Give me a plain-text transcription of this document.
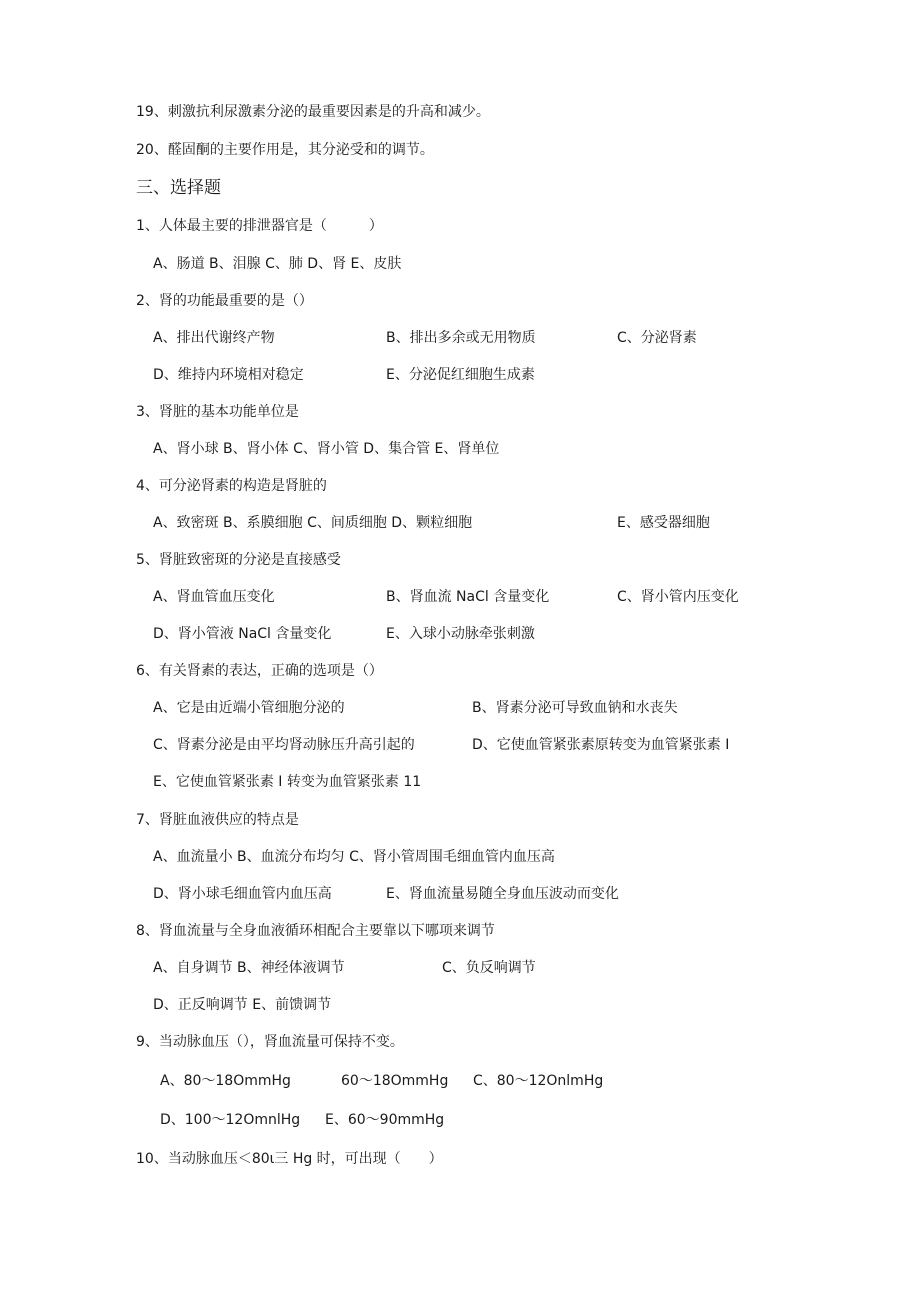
19、刺激抗利尿激素分泌的最重要因素是的升高和减少。
20、醛固酮的主要作用是，其分泌受和的调节。
三、选择题
1、人体最主要的排泄器官是（　　　）
A、肠道 B、泪腺 C、肺 D、肾 E、皮肤
2、肾的功能最重要的是（）
A、排出代谢终产物	B、排出多余或无用物质	C、分泌肾素
D、维持内环境相对稳定	E、分泌促红细胞生成素
3、肾脏的基本功能单位是
A、肾小球 B、肾小体 C、肾小管 D、集合管 E、肾单位
4、可分泌肾素的构造是肾脏的
A、致密斑 B、系膜细胞 C、间质细胞 D、颗粒细胞	E、感受器细胞
5、肾脏致密斑的分泌是直接感受
A、肾血管血压变化	B、肾血流 NaCl 含量变化	C、肾小管内压变化
D、肾小管液 NaCl 含量变化	E、入球小动脉牵张刺激
6、有关肾素的表达，正确的选项是（）
A、它是由近端小管细胞分泌的	B、肾素分泌可导致血钠和水丧失
C、肾素分泌是由平均肾动脉压升高引起的	D、它使血管紧张素原转变为血管紧张素 I
E、它使血管紧张素 I 转变为血管紧张素 11
7、肾脏血液供应的特点是
A、血流量小 B、血流分布均匀 C、肾小管周围毛细血管内血压高
D、肾小球毛细血管内血压高	E、肾血流量易随全身血压波动而变化
8、肾血流量与全身血液循环相配合主要靠以下哪项来调节
A、自身调节 B、神经体液调节	C、负反响调节
D、正反响调节 E、前馈调节
9、当动脉血压（），肾血流量可保持不变。
A、80～18OmmHg	60～18OmmHg C、80～12OnlmHg
D、100～12OmnlHg E、60～90mmHg
10、当动脉血压＜80ι三 Hg 时，可出现（　　）
